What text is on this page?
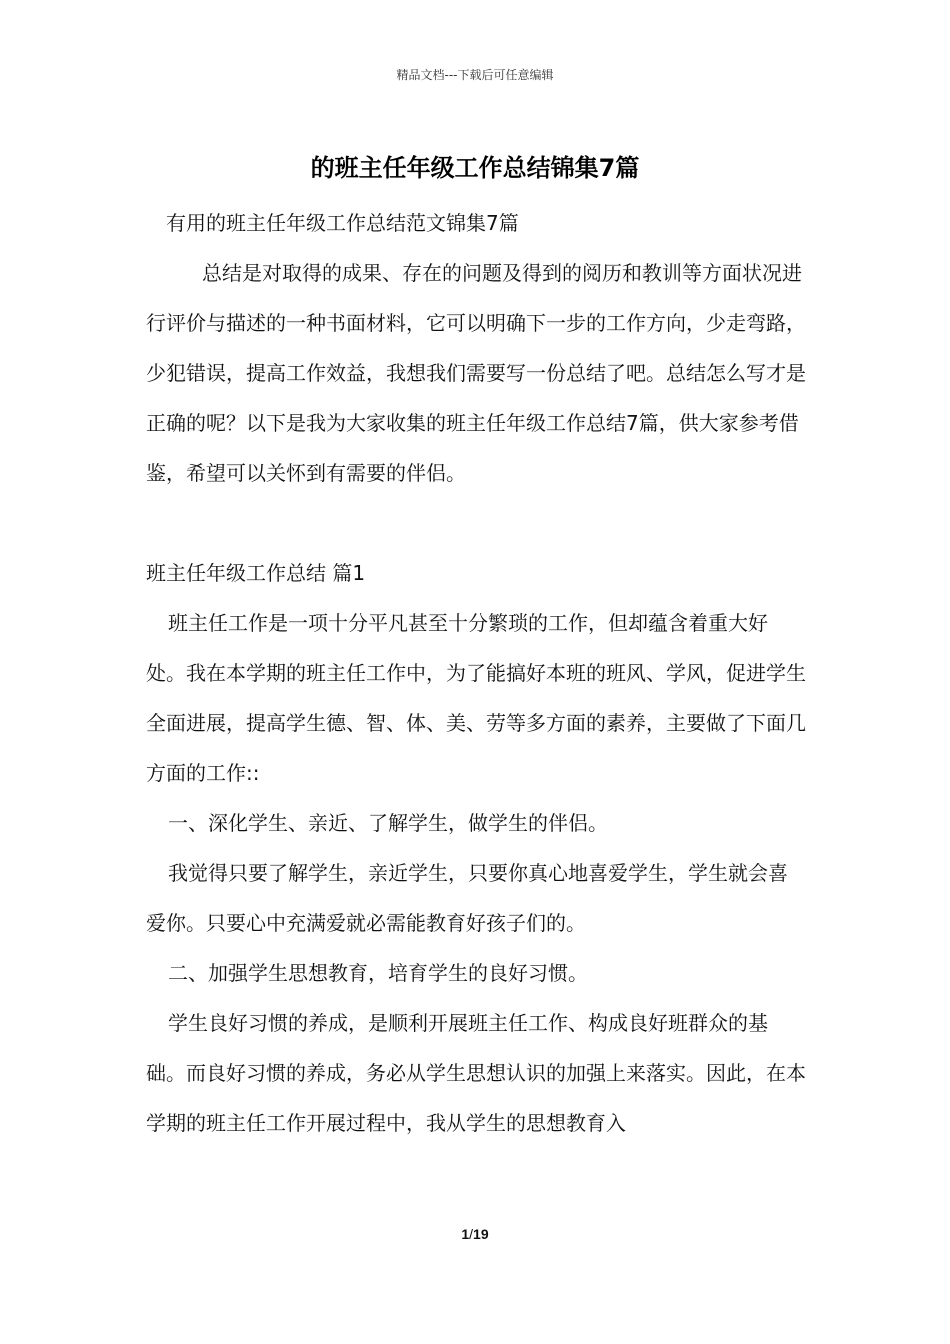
精品文档---下载后可任意编辑
的班主任年级工作总结锦集7篇

有用的班主任年级工作总结范文锦集7篇

总结是对取得的成果、存在的问题及得到的阅历和教训等方面状况进行评价与描述的一种书面材料，它可以明确下一步的工作方向，少走弯路，少犯错误，提高工作效益，我想我们需要写一份总结了吧。总结怎么写才是正确的呢？以下是我为大家收集的班主任年级工作总结7篇，供大家参考借鉴，希望可以关怀到有需要的伴侣。

班主任年级工作总结 篇1

班主任工作是一项十分平凡甚至十分繁琐的工作，但却蕴含着重大好处。我在本学期的班主任工作中，为了能搞好本班的班风、学风，促进学生全面进展，提高学生德、智、体、美、劳等多方面的素养，主要做了下面几方面的工作::

一、深化学生、亲近、了解学生，做学生的伴侣。

我觉得只要了解学生，亲近学生，只要你真心地喜爱学生，学生就会喜爱你。只要心中充满爱就必需能教育好孩子们的。

二、加强学生思想教育，培育学生的良好习惯。

学生良好习惯的养成，是顺利开展班主任工作、构成良好班群众的基础。而良好习惯的养成，务必从学生思想认识的加强上来落实。因此，在本学期的班主任工作开展过程中，我从学生的思想教育入

1/19
